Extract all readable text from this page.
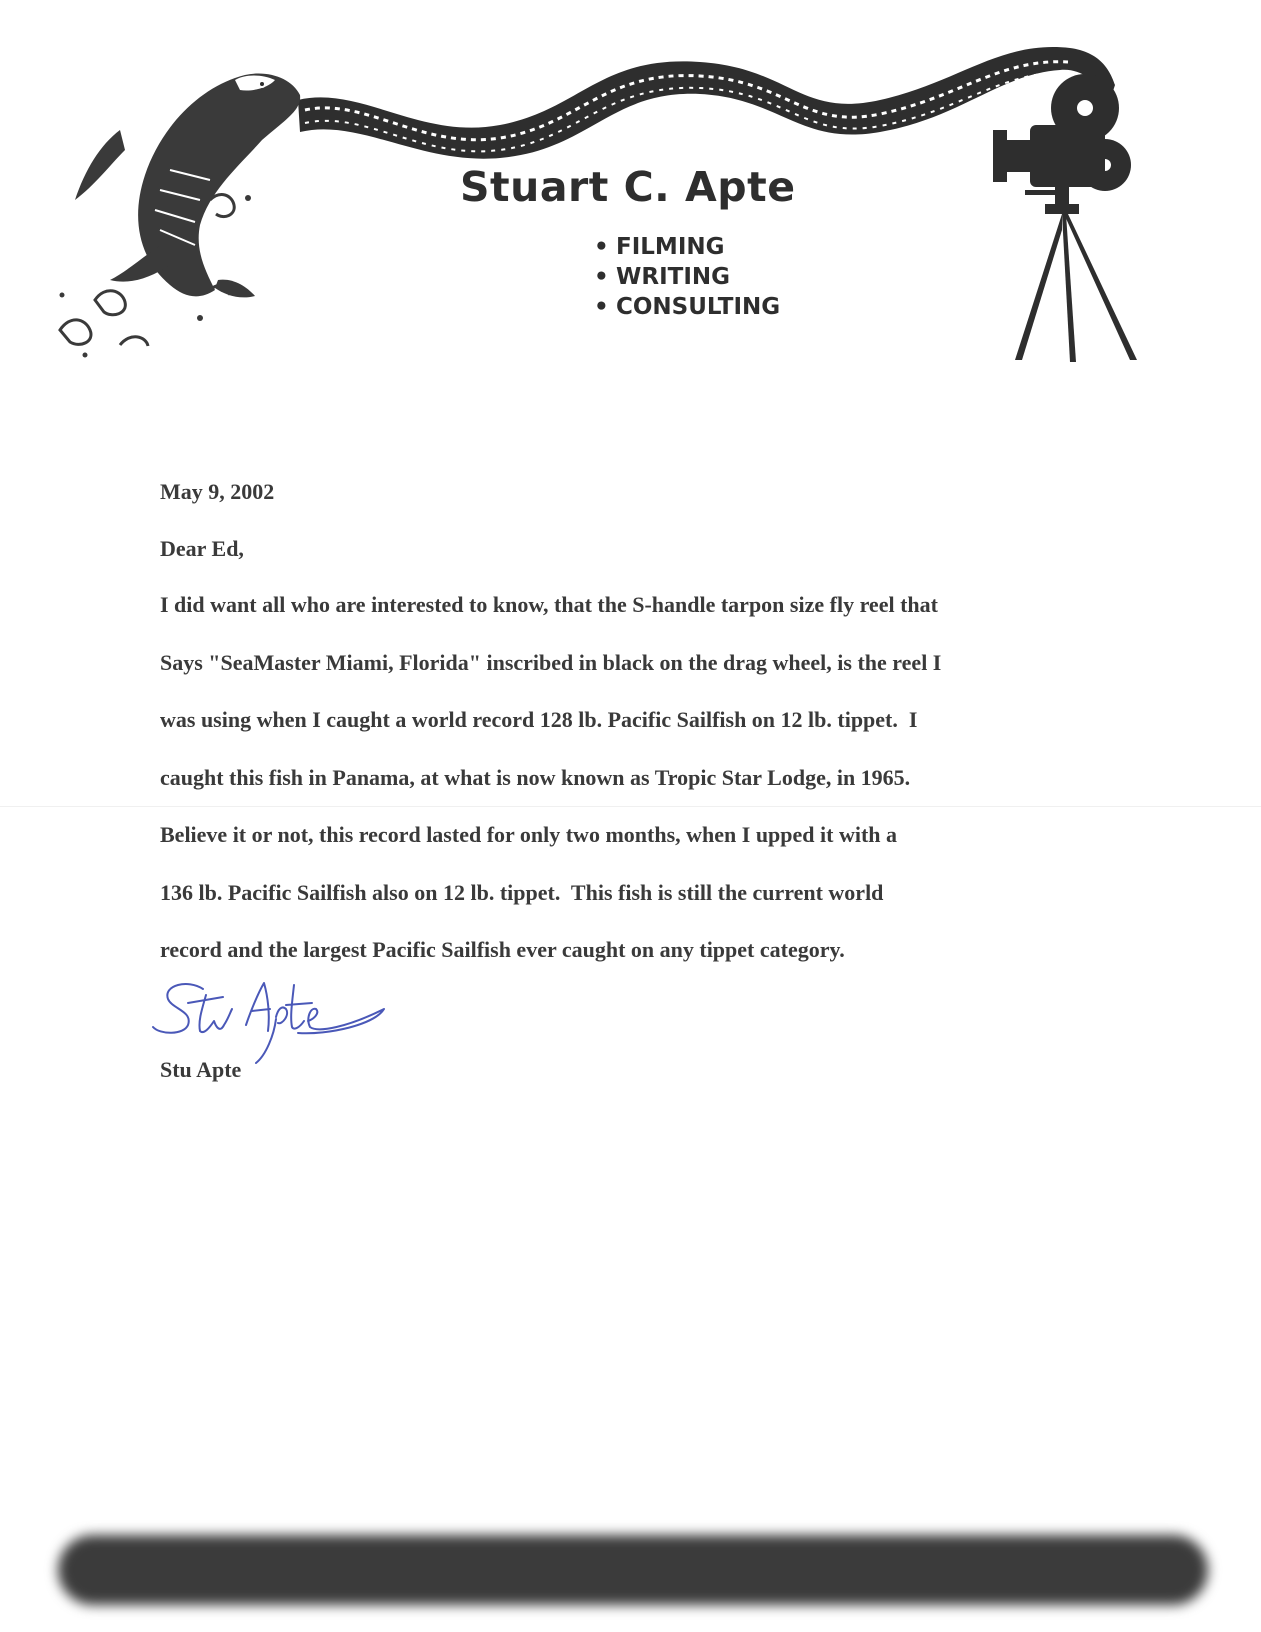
Stuart C. Apte
• FILMING
• WRITING
• CONSULTING
May 9, 2002
Dear Ed,
I did want all who are interested to know, that the S-handle tarpon size fly reel that
Says "SeaMaster Miami, Florida" inscribed in black on the drag wheel, is the reel I
was using when I caught a world record 128 lb. Pacific Sailfish on 12 lb. tippet.  I
caught this fish in Panama, at what is now known as Tropic Star Lodge, in 1965.
Believe it or not, this record lasted for only two months, when I upped it with a
136 lb. Pacific Sailfish also on 12 lb. tippet.  This fish is still the current world
record and the largest Pacific Sailfish ever caught on any tippet category.
Stu Apte
